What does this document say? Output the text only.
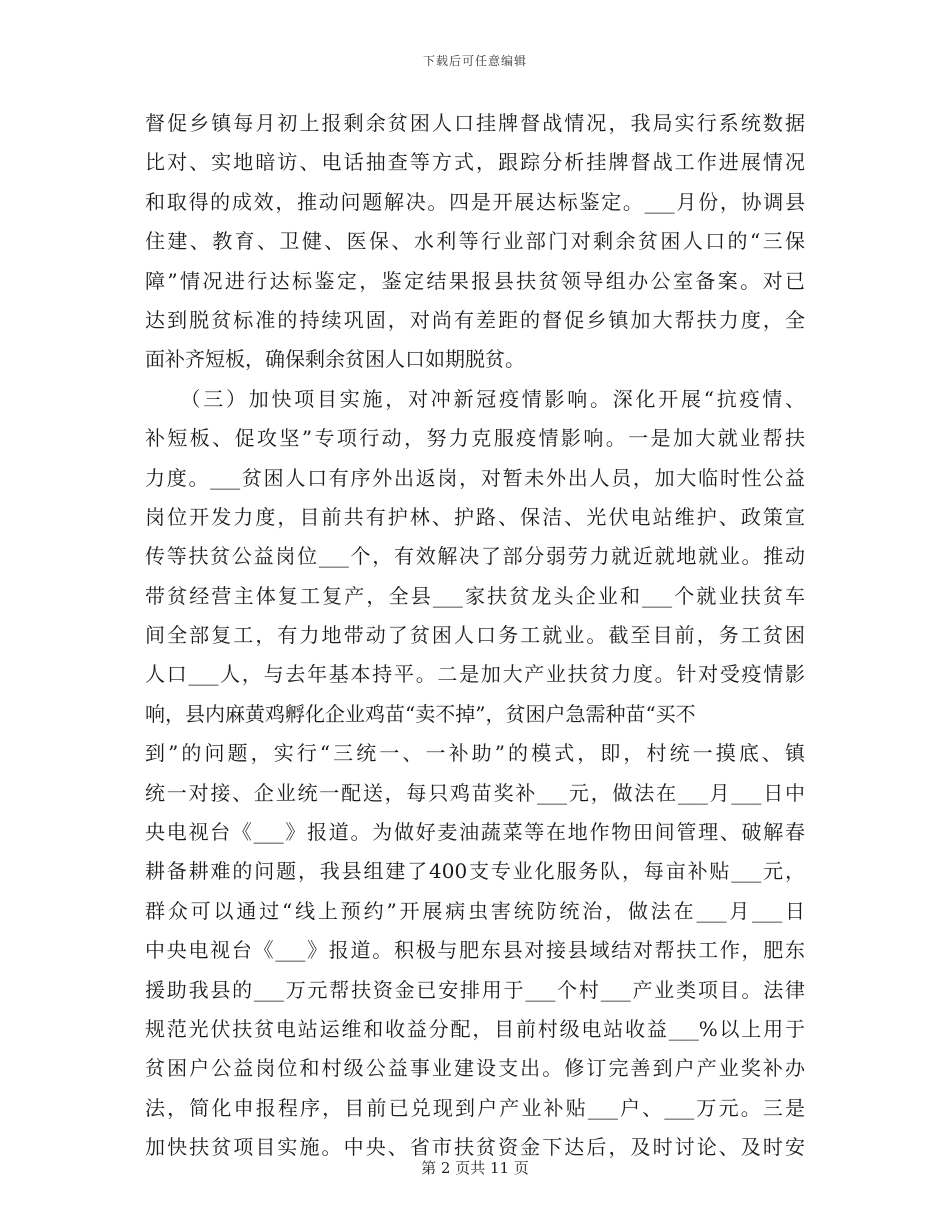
下载后可任意编辑
督促乡镇每月初上报剩余贫困人口挂牌督战情况，我局实行系统数据
比对、实地暗访、电话抽查等方式，跟踪分析挂牌督战工作进展情况
和取得的成效，推动问题解决。四是开展达标鉴定。___月份，协调县
住建、教育、卫健、医保、水利等行业部门对剩余贫困人口的“三保
障”情况进行达标鉴定，鉴定结果报县扶贫领导组办公室备案。对已
达到脱贫标准的持续巩固，对尚有差距的督促乡镇加大帮扶力度，全
面补齐短板，确保剩余贫困人口如期脱贫。
　　（三）加快项目实施，对冲新冠疫情影响。深化开展“抗疫情、
补短板、促攻坚”专项行动，努力克服疫情影响。一是加大就业帮扶
力度。___贫困人口有序外出返岗，对暂未外出人员，加大临时性公益
岗位开发力度，目前共有护林、护路、保洁、光伏电站维护、政策宣
传等扶贫公益岗位___个，有效解决了部分弱劳力就近就地就业。推动
带贫经营主体复工复产，全县___家扶贫龙头企业和___个就业扶贫车
间全部复工，有力地带动了贫困人口务工就业。截至目前，务工贫困
人口___人，与去年基本持平。二是加大产业扶贫力度。针对受疫情影
响，县内麻黄鸡孵化企业鸡苗“卖不掉”，贫困户急需种苗“买不
到”的问题，实行“三统一、一补助”的模式，即，村统一摸底、镇
统一对接、企业统一配送，每只鸡苗奖补___元，做法在___月___日中
央电视台《___》报道。为做好麦油蔬菜等在地作物田间管理、破解春
耕备耕难的问题，我县组建了400支专业化服务队，每亩补贴___元，
群众可以通过“线上预约”开展病虫害统防统治，做法在___月___日
中央电视台《___》报道。积极与肥东县对接县域结对帮扶工作，肥东
援助我县的___万元帮扶资金已安排用于___个村___产业类项目。法律
规范光伏扶贫电站运维和收益分配，目前村级电站收益___%以上用于
贫困户公益岗位和村级公益事业建设支出。修订完善到户产业奖补办
法，简化申报程序，目前已兑现到户产业补贴___户、___万元。三是
加快扶贫项目实施。中央、省市扶贫资金下达后，及时讨论、及时安
第 2 页共 11 页
